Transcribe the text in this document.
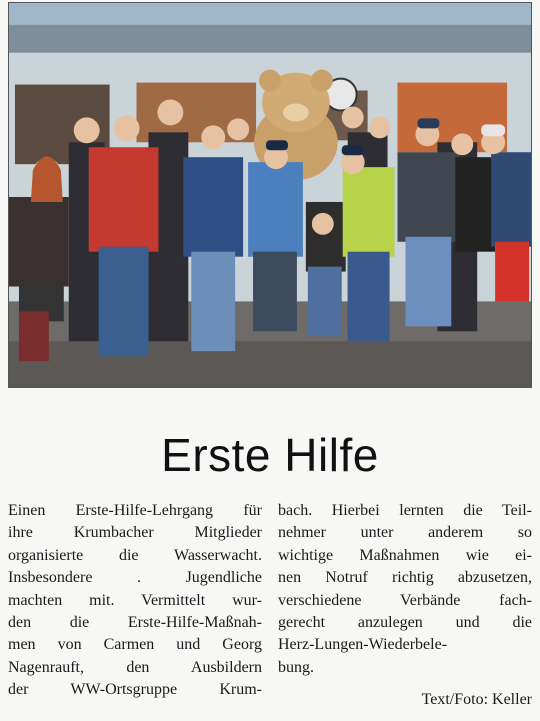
Erste Hilfe
Einen Erste-Hilfe-Lehrgang für
ihre Krumbacher Mitglieder
organisierte die Wasserwacht.
Insbesondere . Jugendliche
machten mit. Vermittelt wur-
den die Erste-Hilfe-Maßnah-
men von Carmen und Georg
Nagenrauft, den Ausbildern
der WW-Ortsgruppe Krum-
bach. Hierbei lernten die Teil-
nehmer unter anderem so
wichtige Maßnahmen wie ei-
nen Notruf richtig abzusetzen,
verschiedene Verbände fach-
gerecht anzulegen und die
Herz-Lungen-Wiederbele-
bung.
Text/Foto: Keller
